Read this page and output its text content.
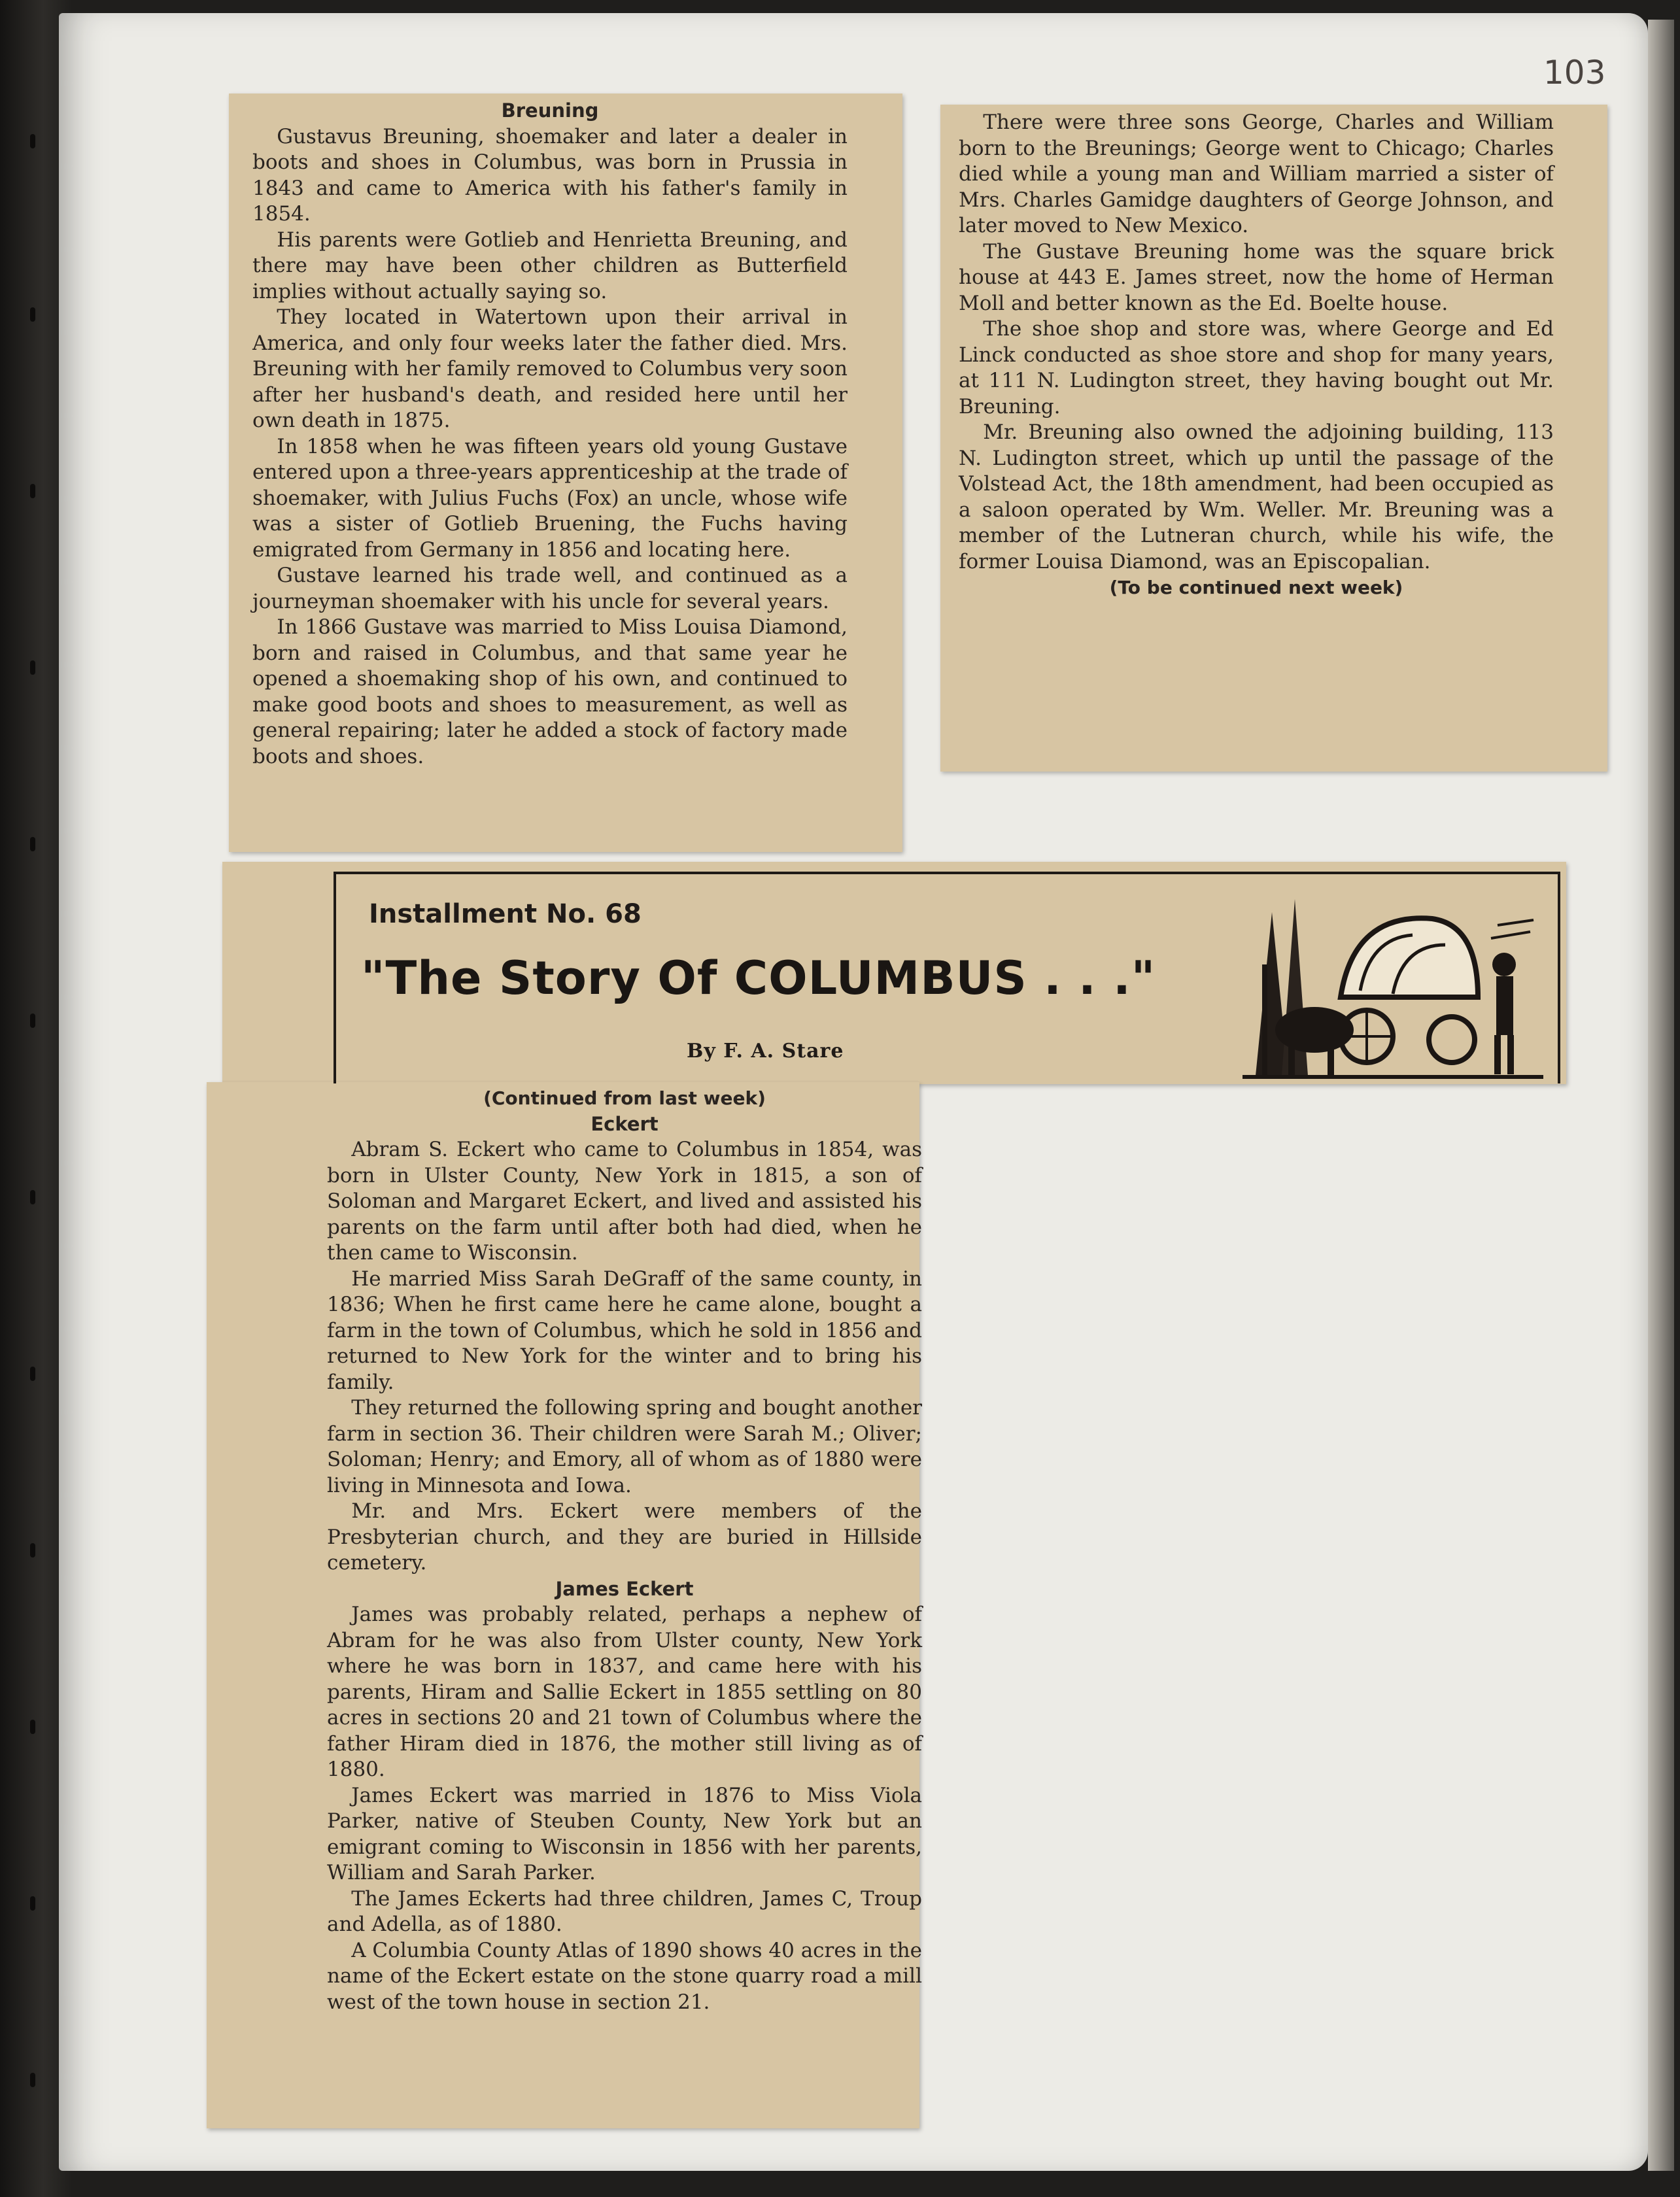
103

Breuning

Gustavus Breuning, shoemaker and later a dealer in boots and shoes in Columbus, was born in Prussia in 1843 and came to America with his father's family in 1854.

His parents were Gotlieb and Henrietta Breuning, and there may have been other children as Butterfield implies without actually saying so.

They located in Watertown upon their arrival in America, and only four weeks later the father died. Mrs. Breuning with her family removed to Columbus very soon after her husband's death, and resided here until her own death in 1875.

In 1858 when he was fifteen years old young Gustave entered upon a three-years apprenticeship at the trade of shoemaker, with Julius Fuchs (Fox) an uncle, whose wife was a sister of Gotlieb Bruening, the Fuchs having emigrated from Germany in 1856 and locating here.

Gustave learned his trade well, and continued as a journeyman shoemaker with his uncle for several years.

In 1866 Gustave was married to Miss Louisa Diamond, born and raised in Columbus, and that same year he opened a shoemaking shop of his own, and continued to make good boots and shoes to measurement, as well as general repairing; later he added a stock of factory made boots and shoes.

There were three sons George, Charles and William born to the Breunings; George went to Chicago; Charles died while a young man and William married a sister of Mrs. Charles Gamidge daughters of George Johnson, and later moved to New Mexico.

The Gustave Breuning home was the square brick house at 443 E. James street, now the home of Herman Moll and better known as the Ed. Boelte house.

The shoe shop and store was, where George and Ed Linck conducted as shoe store and shop for many years, at 111 N. Ludington street, they having bought out Mr. Breuning.

Mr. Breuning also owned the adjoining building, 113 N. Ludington street, which up until the passage of the Volstead Act, the 18th amendment, had been occupied as a saloon operated by Wm. Weller. Mr. Breuning was a member of the Lutneran church, while his wife, the former Louisa Diamond, was an Episcopalian.

(To be continued next week)

Installment No. 68
"The Story Of COLUMBUS . . ."
By F. A. Stare

(Continued from last week)

Eckert

Abram S. Eckert who came to Columbus in 1854, was born in Ulster County, New York in 1815, a son of Soloman and Margaret Eckert, and lived and assisted his parents on the farm until after both had died, when he then came to Wisconsin.

He married Miss Sarah DeGraff of the same county, in 1836; When he first came here he came alone, bought a farm in the town of Columbus, which he sold in 1856 and returned to New York for the winter and to bring his family.

They returned the following spring and bought another farm in section 36. Their children were Sarah M.; Oliver; Soloman; Henry; and Emory, all of whom as of 1880 were living in Minnesota and Iowa.

Mr. and Mrs. Eckert were members of the Presbyterian church, and they are buried in Hillside cemetery.

James Eckert

James was probably related, perhaps a nephew of Abram for he was also from Ulster county, New York where he was born in 1837, and came here with his parents, Hiram and Sallie Eckert in 1855 settling on 80 acres in sections 20 and 21 town of Columbus where the father Hiram died in 1876, the mother still living as of 1880.

James Eckert was married in 1876 to Miss Viola Parker, native of Steuben County, New York but an emigrant coming to Wisconsin in 1856 with her parents, William and Sarah Parker.

The James Eckerts had three children, James C, Troup and Adella, as of 1880.

A Columbia County Atlas of 1890 shows 40 acres in the name of the Eckert estate on the stone quarry road a mill west of the town house in section 21.
